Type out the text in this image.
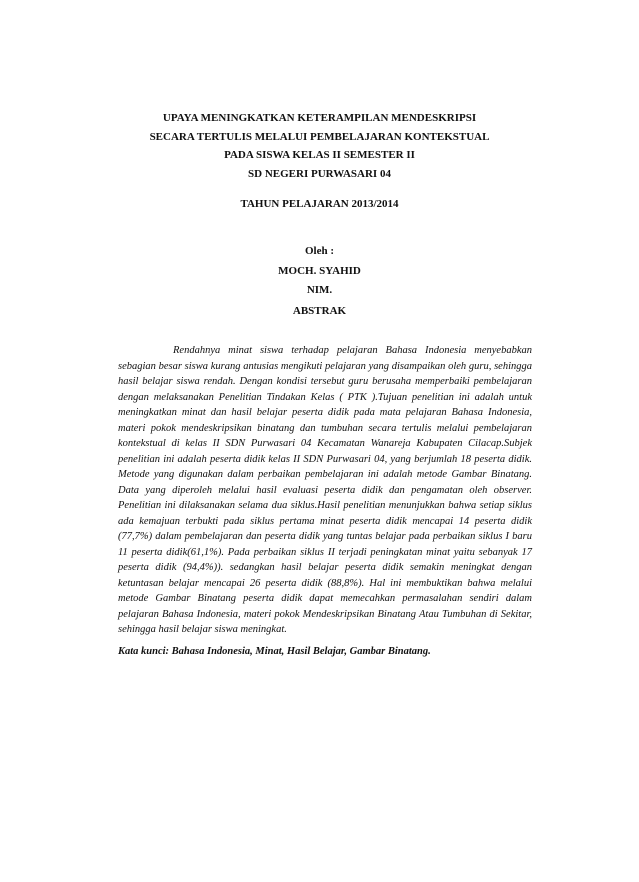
UPAYA MENINGKATKAN KETERAMPILAN MENDESKRIPSI
SECARA TERTULIS MELALUI PEMBELAJARAN KONTEKSTUAL
PADA SISWA KELAS II SEMESTER II
SD NEGERI PURWASARI 04
TAHUN PELAJARAN 2013/2014
Oleh :
MOCH. SYAHID
NIM.
ABSTRAK

Rendahnya minat siswa terhadap pelajaran Bahasa Indonesia menyebabkan sebagian besar siswa kurang antusias mengikuti pelajaran yang disampaikan oleh guru, sehingga hasil belajar siswa rendah. Dengan kondisi tersebut guru berusaha memperbaiki pembelajaran dengan melaksanakan Penelitian Tindakan Kelas ( PTK ).Tujuan penelitian ini adalah untuk meningkatkan minat dan hasil belajar peserta didik pada mata pelajaran Bahasa Indonesia, materi pokok mendeskripsikan binatang dan tumbuhan secara tertulis melalui pembelajaran kontekstual di kelas II SDN Purwasari 04 Kecamatan Wanareja Kabupaten Cilacap.Subjek penelitian ini adalah peserta didik kelas II SDN Purwasari 04, yang berjumlah 18 peserta didik. Metode yang digunakan dalam perbaikan pembelajaran ini adalah metode Gambar Binatang. Data yang diperoleh melalui hasil evaluasi peserta didik dan pengamatan oleh observer. Penelitian ini dilaksanakan selama dua siklus.Hasil penelitian menunjukkan bahwa setiap siklus ada kemajuan terbukti pada siklus pertama minat peserta didik mencapai 14 peserta didik (77,7%) dalam pembelajaran dan peserta didik yang tuntas belajar pada perbaikan siklus I baru 11 peserta didik(61,1%). Pada perbaikan siklus II terjadi peningkatan minat yaitu sebanyak 17 peserta didik (94,4%)). sedangkan hasil belajar peserta didik semakin meningkat dengan ketuntasan belajar mencapai 26 peserta didik (88,8%). Hal ini membuktikan bahwa melalui metode Gambar Binatang peserta didik dapat memecahkan permasalahan sendiri dalam pelajaran Bahasa Indonesia, materi pokok Mendeskripsikan Binatang Atau Tumbuhan di Sekitar, sehingga hasil belajar siswa meningkat.

Kata kunci: Bahasa Indonesia, Minat, Hasil Belajar, Gambar Binatang.
